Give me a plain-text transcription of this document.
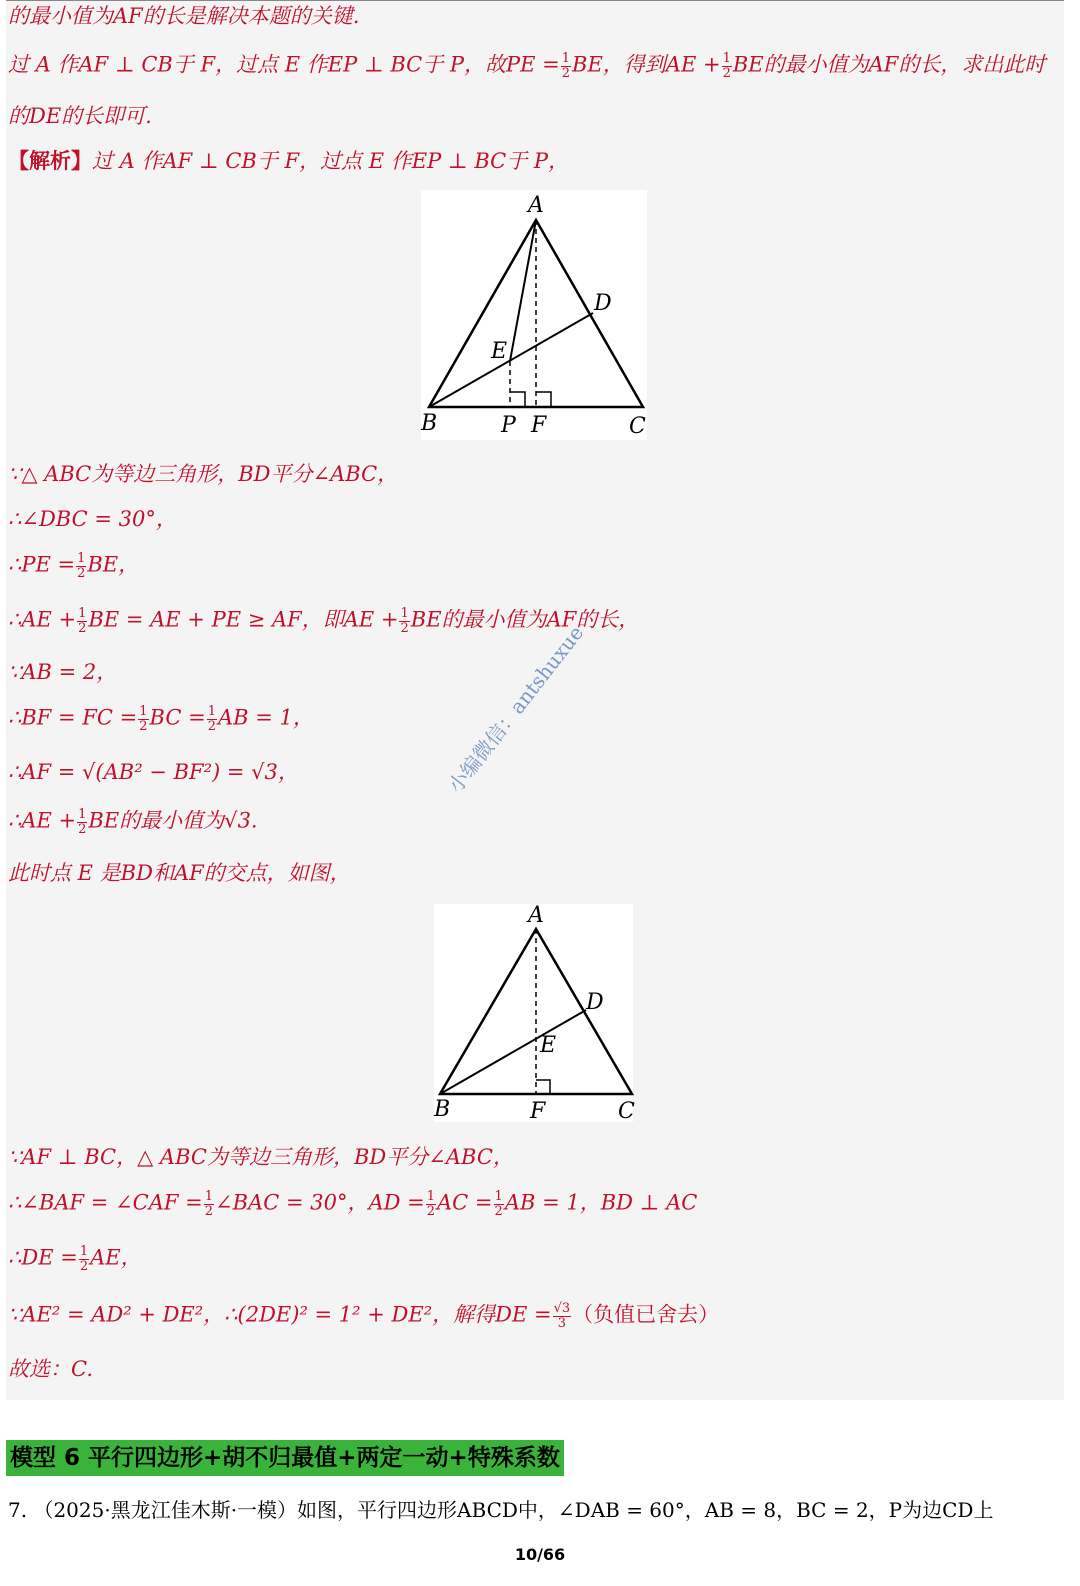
的最小值为AF的长是解决本题的关键.
过 A 作AF ⊥ CB于 F，过点 E 作EP ⊥ BC于 P，故PE = $\frac{1}{2}$ BE，得到AE + $\frac{1}{2}$ BE的最小值为AF的长，求出此时
的DE的长即可.
【解析】过 A 作AF ⊥ CB于 F，过点 E 作EP ⊥ BC于 P，
A
B	C
D
E
P F
∵△ ABC为等边三角形，BD平分∠ABC，
∴∠DBC = 30°，
∴PE = $\frac{1}{2}$ BE，
∴AE + $\frac{1}{2}$ BE = AE + PE ≥ AF，即AE + $\frac{1}{2}$ BE的最小值为AF的长，
∵AB = 2，
∴BF = FC = $\frac{1}{2}$ BC = $\frac{1}{2}$ AB = 1，
∴AF = √(AB² − BF²) = √3，
∴AE + $\frac{1}{2}$ BE的最小值为√3.
此时点 E 是BD和AF的交点，如图，
小编微信：antshuxue
A
B	C
D
E
F
∵AF ⊥ BC，△ ABC为等边三角形，BD平分∠ABC，
∴∠BAF = ∠CAF = $\frac{1}{2}$ ∠BAC = 30°，AD = $\frac{1}{2}$ AC = $\frac{1}{2}$ AB = 1，BD ⊥ AC
∴DE = $\frac{1}{2}$ AE，
∵AE² = AD² + DE²，∴(2DE)² = 1² + DE²，解得DE = $\frac{√3}{3}$ （负值已舍去）
故选：C.
模型 6 平行四边形+胡不归最值+两定一动+特殊系数
7. （2025·黑龙江佳木斯·一模）如图，平行四边形ABCD中，∠DAB = 60°，AB = 8，BC = 2，P为边CD上
10/66
